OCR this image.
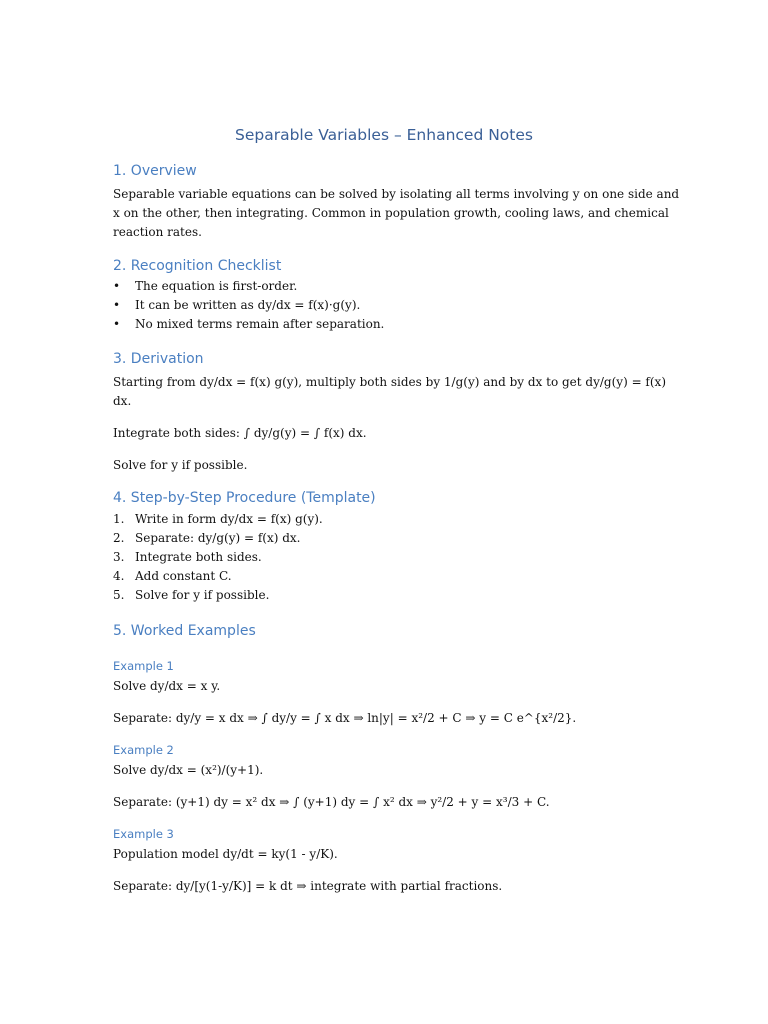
Separable Variables – Enhanced Notes
1. Overview
Separable variable equations can be solved by isolating all terms involving y on one side and
x on the other, then integrating. Common in population growth, cooling laws, and chemical
reaction rates.
2. Recognition Checklist
• The equation is first-order.
• It can be written as dy/dx = f(x)·g(y).
• No mixed terms remain after separation.
3. Derivation
Starting from dy/dx = f(x) g(y), multiply both sides by 1/g(y) and by dx to get dy/g(y) = f(x)
dx.
Integrate both sides: ∫ dy/g(y) = ∫ f(x) dx.
Solve for y if possible.
4. Step-by-Step Procedure (Template)
1. Write in form dy/dx = f(x) g(y).
2. Separate: dy/g(y) = f(x) dx.
3. Integrate both sides.
4. Add constant C.
5. Solve for y if possible.
5. Worked Examples
Example 1
Solve dy/dx = x y.
Separate: dy/y = x dx ⇒ ∫ dy/y = ∫ x dx ⇒ ln|y| = x²/2 + C ⇒ y = C e^{x²/2}.
Example 2
Solve dy/dx = (x²)/(y+1).
Separate: (y+1) dy = x² dx ⇒ ∫ (y+1) dy = ∫ x² dx ⇒ y²/2 + y = x³/3 + C.
Example 3
Population model dy/dt = ky(1 - y/K).
Separate: dy/[y(1-y/K)] = k dt ⇒ integrate with partial fractions.
